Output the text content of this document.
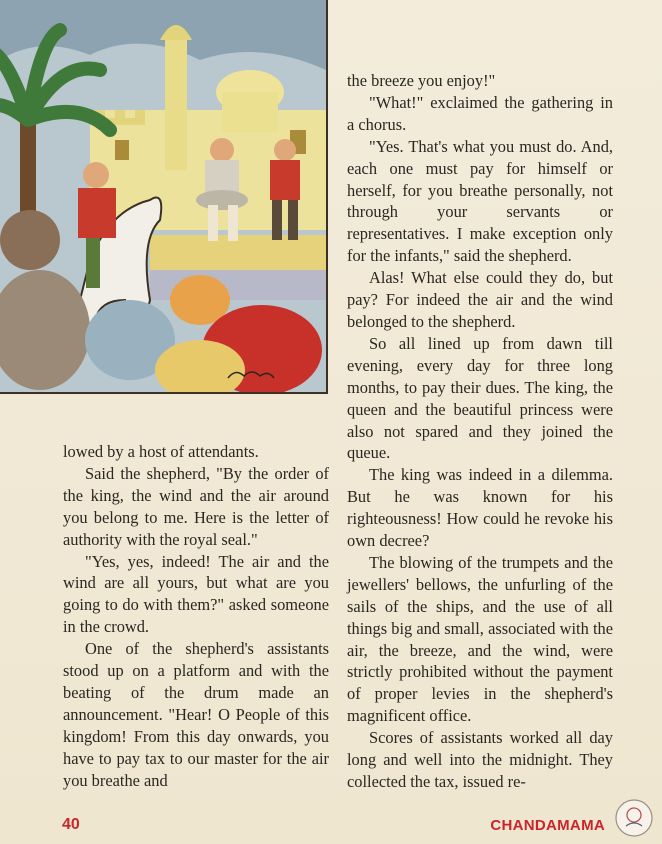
lowed by a host of attendants.

Said the shepherd, "By the order of the king, the wind and the air around you belong to me. Here is the letter of authority with the royal seal."

"Yes, yes, indeed! The air and the wind are all yours, but what are you going to do with them?" asked someone in the crowd.

One of the shepherd's assistants stood up on a platform and with the beating of the drum made an announcement. "Hear! O People of this kingdom! From this day onwards, you have to pay tax to our master for the air you breathe and

the breeze you enjoy!"

"What!" exclaimed the gathering in a chorus.

"Yes. That's what you must do. And, each one must pay for himself or herself, for you breathe personally, not through your servants or representatives. I make exception only for the infants," said the shepherd.

Alas! What else could they do, but pay? For indeed the air and the wind belonged to the shepherd.

So all lined up from dawn till evening, every day for three long months, to pay their dues. The king, the queen and the beautiful princess were also not spared and they joined the queue.

The king was indeed in a dilemma. But he was known for his righteousness! How could he revoke his own decree?

The blowing of the trumpets and the jewellers' bellows, the unfurling of the sails of the ships, and the use of all things big and small, associated with the air, the breeze, and the wind, were strictly prohibited without the payment of proper levies in the shepherd's magnificent office.

Scores of assistants worked all day long and well into the midnight. They collected the tax, issued re-

40	CHANDAMAMA
